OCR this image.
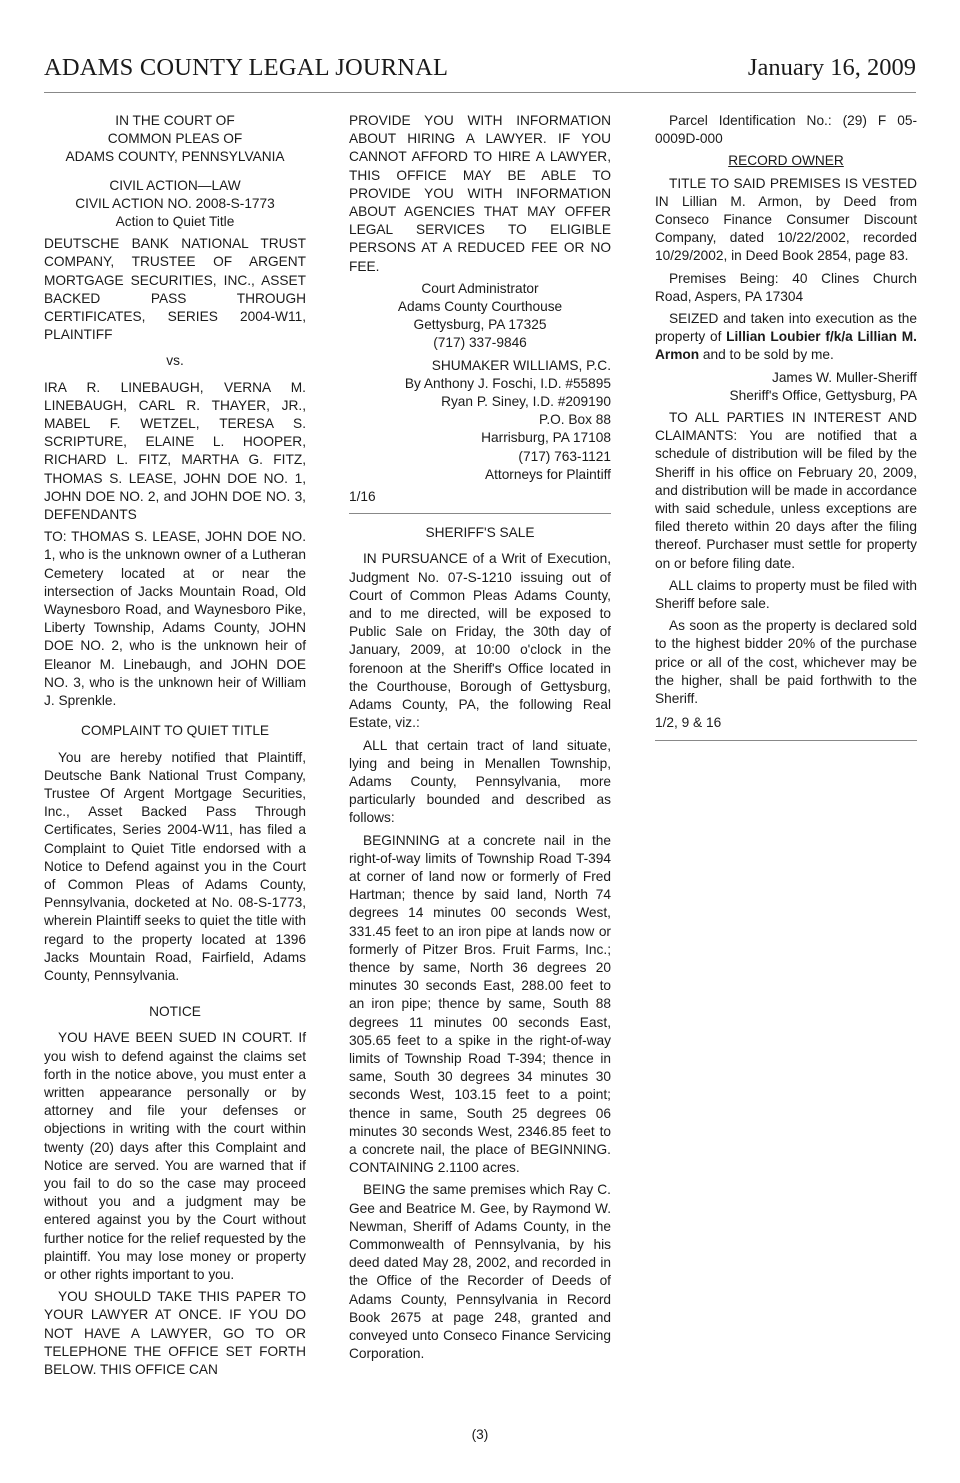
ADAMS COUNTY LEGAL JOURNAL	January 16, 2009

IN THE COURT OF

COMMON PLEAS OF

ADAMS COUNTY, PENNSYLVANIA

CIVIL ACTION—LAW

CIVIL ACTION NO. 2008-S-1773

Action to Quiet Title

DEUTSCHE BANK NATIONAL TRUST COMPANY, TRUSTEE OF ARGENT MORTGAGE SECURITIES, INC., ASSET BACKED PASS THROUGH CERTIFICATES, SERIES 2004-W11, PLAINTIFF

vs.

IRA R. LINEBAUGH, VERNA M. LINEBAUGH, CARL R. THAYER, JR., MABEL F. WETZEL, TERESA S. SCRIPTURE, ELAINE L. HOOPER, RICHARD L. FITZ, MARTHA G. FITZ, THOMAS S. LEASE, JOHN DOE NO. 1, JOHN DOE NO. 2, and JOHN DOE NO. 3, DEFENDANTS

TO: THOMAS S. LEASE, JOHN DOE NO. 1, who is the unknown owner of a Lutheran Cemetery located at or near the intersection of Jacks Mountain Road, Old Waynesboro Road, and Waynesboro Pike, Liberty Township, Adams County, JOHN DOE NO. 2, who is the unknown heir of Eleanor M. Linebaugh, and JOHN DOE NO. 3, who is the unknown heir of William J. Sprenkle.

COMPLAINT TO QUIET TITLE

You are hereby notified that Plaintiff, Deutsche Bank National Trust Company, Trustee Of Argent Mortgage Securities, Inc., Asset Backed Pass Through Certificates, Series 2004-W11, has filed a Complaint to Quiet Title endorsed with a Notice to Defend against you in the Court of Common Pleas of Adams County, Pennsylvania, docketed at No. 08-S-1773, wherein Plaintiff seeks to quiet the title with regard to the property located at 1396 Jacks Mountain Road, Fairfield, Adams County, Pennsylvania.

NOTICE

YOU HAVE BEEN SUED IN COURT. If you wish to defend against the claims set forth in the notice above, you must enter a written appearance personally or by attorney and file your defenses or objections in writing with the court within twenty (20) days after this Complaint and Notice are served. You are warned that if you fail to do so the case may proceed without you and a judgment may be entered against you by the Court without further notice for the relief requested by the plaintiff. You may lose money or property or other rights important to you.

YOU SHOULD TAKE THIS PAPER TO YOUR LAWYER AT ONCE. IF YOU DO NOT HAVE A LAWYER, GO TO OR TELEPHONE THE OFFICE SET FORTH BELOW. THIS OFFICE CAN

PROVIDE YOU WITH INFORMATION ABOUT HIRING A LAWYER. IF YOU CANNOT AFFORD TO HIRE A LAWYER, THIS OFFICE MAY BE ABLE TO PROVIDE YOU WITH INFORMATION ABOUT AGENCIES THAT MAY OFFER LEGAL SERVICES TO ELIGIBLE PERSONS AT A REDUCED FEE OR NO FEE.

Court Administrator

Adams County Courthouse

Gettysburg, PA 17325

(717) 337-9846

SHUMAKER WILLIAMS, P.C.

By Anthony J. Foschi, I.D. #55895

Ryan P. Siney, I.D. #209190

P.O. Box 88

Harrisburg, PA 17108

(717) 763-1121

Attorneys for Plaintiff

1/16

SHERIFF'S SALE

IN PURSUANCE of a Writ of Execution, Judgment No. 07-S-1210 issuing out of Court of Common Pleas Adams County, and to me directed, will be exposed to Public Sale on Friday, the 30th day of January, 2009, at 10:00 o'clock in the forenoon at the Sheriff's Office located in the Courthouse, Borough of Gettysburg, Adams County, PA, the following Real Estate, viz.:

ALL that certain tract of land situate, lying and being in Menallen Township, Adams County, Pennsylvania, more particularly bounded and described as follows:

BEGINNING at a concrete nail in the right-of-way limits of Township Road T-394 at corner of land now or formerly of Fred Hartman; thence by said land, North 74 degrees 14 minutes 00 seconds West, 331.45 feet to an iron pipe at lands now or formerly of Pitzer Bros. Fruit Farms, Inc.; thence by same, North 36 degrees 20 minutes 30 seconds East, 288.00 feet to an iron pipe; thence by same, South 88 degrees 11 minutes 00 seconds East, 305.65 feet to a spike in the right-of-way limits of Township Road T-394; thence in same, South 30 degrees 34 minutes 30 seconds West, 103.15 feet to a point; thence in same, South 25 degrees 06 minutes 30 seconds West, 2346.85 feet to a concrete nail, the place of BEGINNING. CONTAINING 2.1100 acres.

BEING the same premises which Ray C. Gee and Beatrice M. Gee, by Raymond W. Newman, Sheriff of Adams County, in the Commonwealth of Pennsylvania, by his deed dated May 28, 2002, and recorded in the Office of the Recorder of Deeds of Adams County, Pennsylvania in Record Book 2675 at page 248, granted and conveyed unto Conseco Finance Servicing Corporation.

Parcel Identification No.: (29) F 05-0009D-000

RECORD OWNER

TITLE TO SAID PREMISES IS VESTED IN Lillian M. Armon, by Deed from Conseco Finance Consumer Discount Company, dated 10/22/2002, recorded 10/29/2002, in Deed Book 2854, page 83.

Premises Being: 40 Clines Church Road, Aspers, PA 17304

SEIZED and taken into execution as the property of Lillian Loubier f/k/a Lillian M. Armon and to be sold by me.

James W. Muller-Sheriff

Sheriff's Office, Gettysburg, PA

TO ALL PARTIES IN INTEREST AND CLAIMANTS: You are notified that a schedule of distribution will be filed by the Sheriff in his office on February 20, 2009, and distribution will be made in accordance with said schedule, unless exceptions are filed thereto within 20 days after the filing thereof. Purchaser must settle for property on or before filing date.

ALL claims to property must be filed with Sheriff before sale.

As soon as the property is declared sold to the highest bidder 20% of the purchase price or all of the cost, whichever may be the higher, shall be paid forthwith to the Sheriff.

1/2, 9 & 16

(3)
